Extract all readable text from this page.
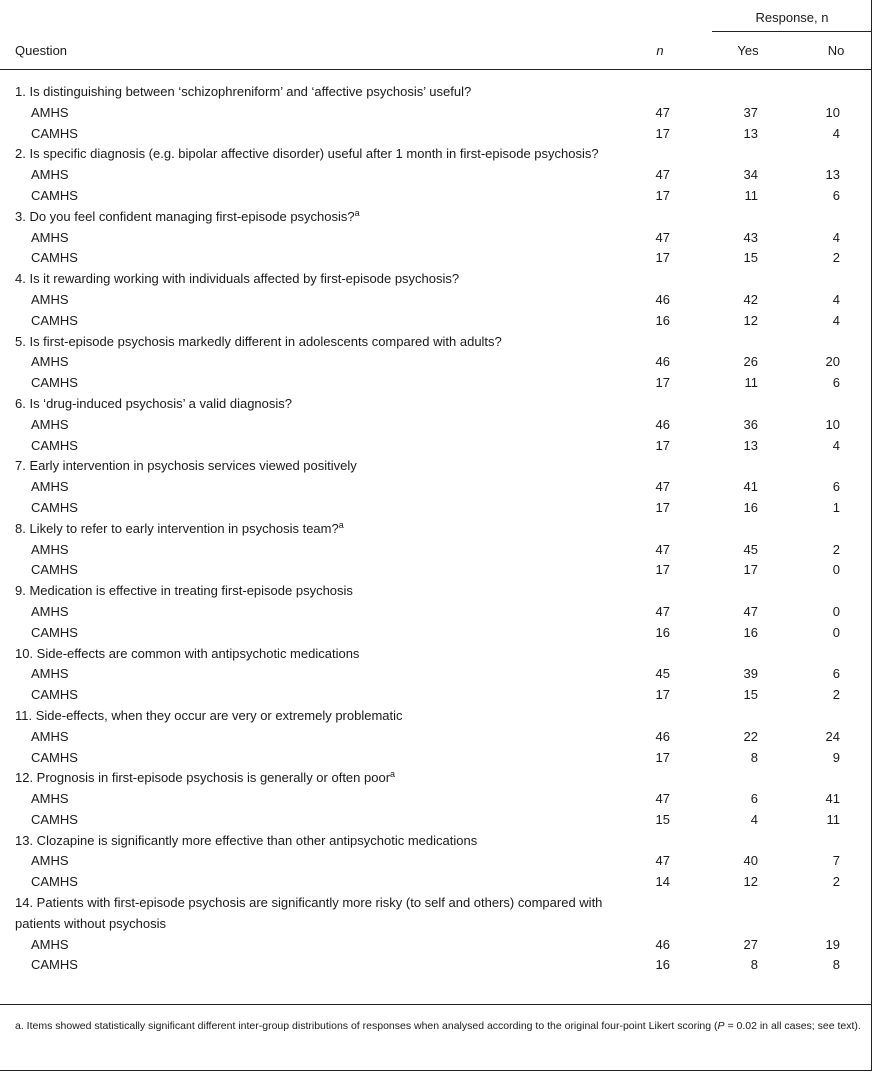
Response, n
Question	n	Yes	No
1. Is distinguishing between ‘schizophreniform’ and ‘affective psychosis’ useful?
AMHS	47	37	10
CAMHS	17	13	4
2. Is specific diagnosis (e.g. bipolar affective disorder) useful after 1 month in first-episode psychosis?
AMHS	47	34	13
CAMHS	17	11	6
3. Do you feel confident managing first-episode psychosis?$^a$
AMHS	47	43	4
CAMHS	17	15	2
4. Is it rewarding working with individuals affected by first-episode psychosis?
AMHS	46	42	4
CAMHS	16	12	4
5. Is first-episode psychosis markedly different in adolescents compared with adults?
AMHS	46	26	20
CAMHS	17	11	6
6. Is ‘drug-induced psychosis’ a valid diagnosis?
AMHS	46	36	10
CAMHS	17	13	4
7. Early intervention in psychosis services viewed positively
AMHS	47	41	6
CAMHS	17	16	1
8. Likely to refer to early intervention in psychosis team?$^a$
AMHS	47	45	2
CAMHS	17	17	0
9. Medication is effective in treating first-episode psychosis
AMHS	47	47	0
CAMHS	16	16	0
10. Side-effects are common with antipsychotic medications
AMHS	45	39	6
CAMHS	17	15	2
11. Side-effects, when they occur are very or extremely problematic
AMHS	46	22	24
CAMHS	17	8	9
12. Prognosis in first-episode psychosis is generally or often poor$^a$
AMHS	47	6	41
CAMHS	15	4	11
13. Clozapine is significantly more effective than other antipsychotic medications
AMHS	47	40	7
CAMHS	14	12	2
14. Patients with first-episode psychosis are significantly more risky (to self and others) compared with patients without psychosis
AMHS	46	27	19
CAMHS	16	8	8
a. Items showed statistically significant different inter-group distributions of responses when analysed according to the original four-point Likert scoring (P = 0.02 in all cases; see text).
